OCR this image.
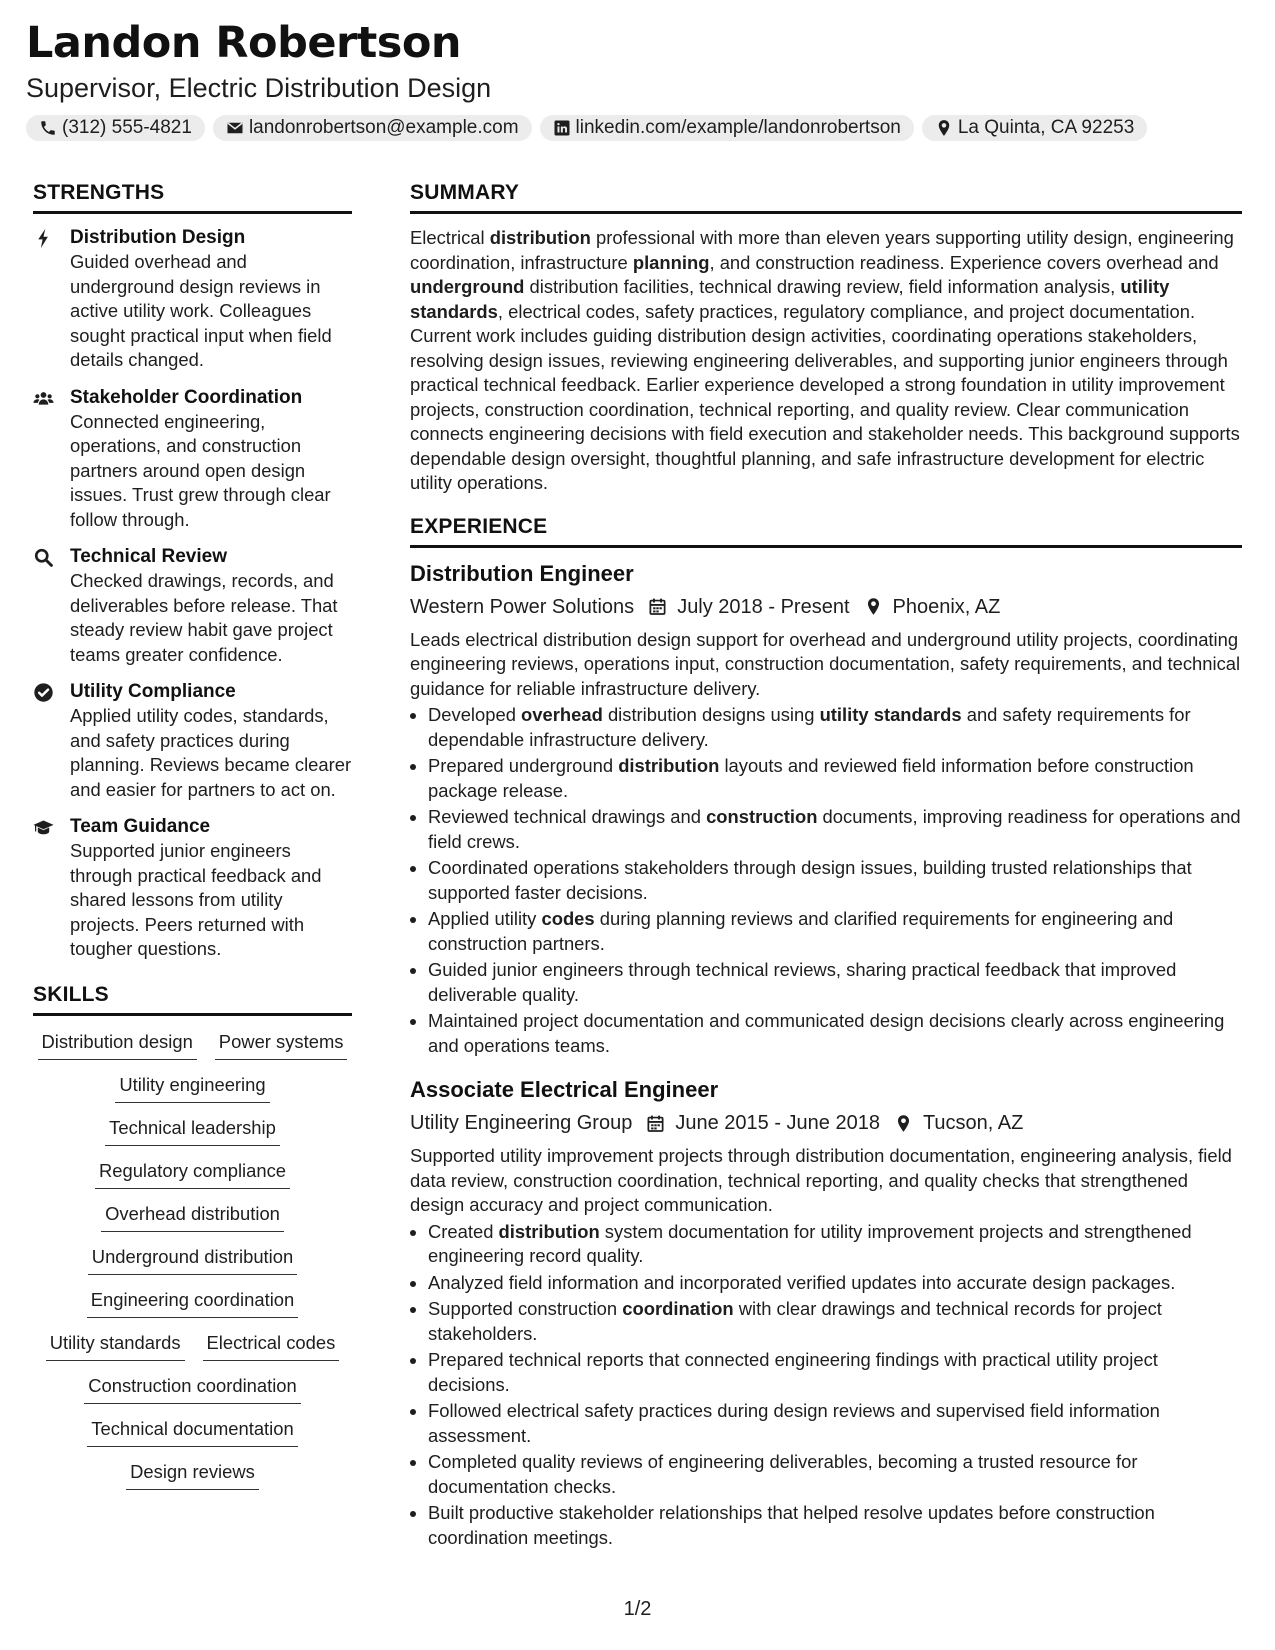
Landon Robertson
Supervisor, Electric Distribution Design
(312) 555-4821	landonrobertson@example.com	linkedin.com/example/landonrobertson	La Quinta, CA 92253
STRENGTHS
Distribution Design
Guided overhead and underground design reviews in active utility work. Colleagues sought practical input when field details changed.
Stakeholder Coordination
Connected engineering, operations, and construction partners around open design issues. Trust grew through clear follow through.
Technical Review
Checked drawings, records, and deliverables before release. That steady review habit gave project teams greater confidence.
Utility Compliance
Applied utility codes, standards, and safety practices during planning. Reviews became clearer and easier for partners to act on.
Team Guidance
Supported junior engineers through practical feedback and shared lessons from utility projects. Peers returned with tougher questions.
SKILLS
Distribution design Power systems
Utility engineering
Technical leadership
Regulatory compliance
Overhead distribution
Underground distribution
Engineering coordination
Utility standards Electrical codes
Construction coordination
Technical documentation
Design reviews
SUMMARY

Electrical distribution professional with more than eleven years supporting utility design, engineering coordination, infrastructure planning, and construction readiness. Experience covers overhead and underground distribution facilities, technical drawing review, field information analysis, utility standards, electrical codes, safety practices, regulatory compliance, and project documentation. Current work includes guiding distribution design activities, coordinating operations stakeholders, resolving design issues, reviewing engineering deliverables, and supporting junior engineers through practical technical feedback. Earlier experience developed a strong foundation in utility improvement projects, construction coordination, technical reporting, and quality review. Clear communication connects engineering decisions with field execution and stakeholder needs. This background supports dependable design oversight, thoughtful planning, and safe infrastructure development for electric utility operations.

EXPERIENCE
Distribution Engineer
Western Power Solutions July 2018 - Present Phoenix, AZ

Leads electrical distribution design support for overhead and underground utility projects, coordinating engineering reviews, operations input, construction documentation, safety requirements, and technical guidance for reliable infrastructure delivery.

• Developed overhead distribution designs using utility standards and safety requirements for dependable infrastructure delivery.
• Prepared underground distribution layouts and reviewed field information before construction package release.
• Reviewed technical drawings and construction documents, improving readiness for operations and field crews.
• Coordinated operations stakeholders through design issues, building trusted relationships that supported faster decisions.
• Applied utility codes during planning reviews and clarified requirements for engineering and construction partners.
• Guided junior engineers through technical reviews, sharing practical feedback that improved deliverable quality.
• Maintained project documentation and communicated design decisions clearly across engineering and operations teams.
Associate Electrical Engineer
Utility Engineering Group June 2015 - June 2018 Tucson, AZ

Supported utility improvement projects through distribution documentation, engineering analysis, field data review, construction coordination, technical reporting, and quality checks that strengthened design accuracy and project communication.

• Created distribution system documentation for utility improvement projects and strengthened engineering record quality.
• Analyzed field information and incorporated verified updates into accurate design packages.
• Supported construction coordination with clear drawings and technical records for project stakeholders.
• Prepared technical reports that connected engineering findings with practical utility project decisions.
• Followed electrical safety practices during design reviews and supervised field information assessment.
• Completed quality reviews of engineering deliverables, becoming a trusted resource for documentation checks.
• Built productive stakeholder relationships that helped resolve updates before construction coordination meetings.
1/2
